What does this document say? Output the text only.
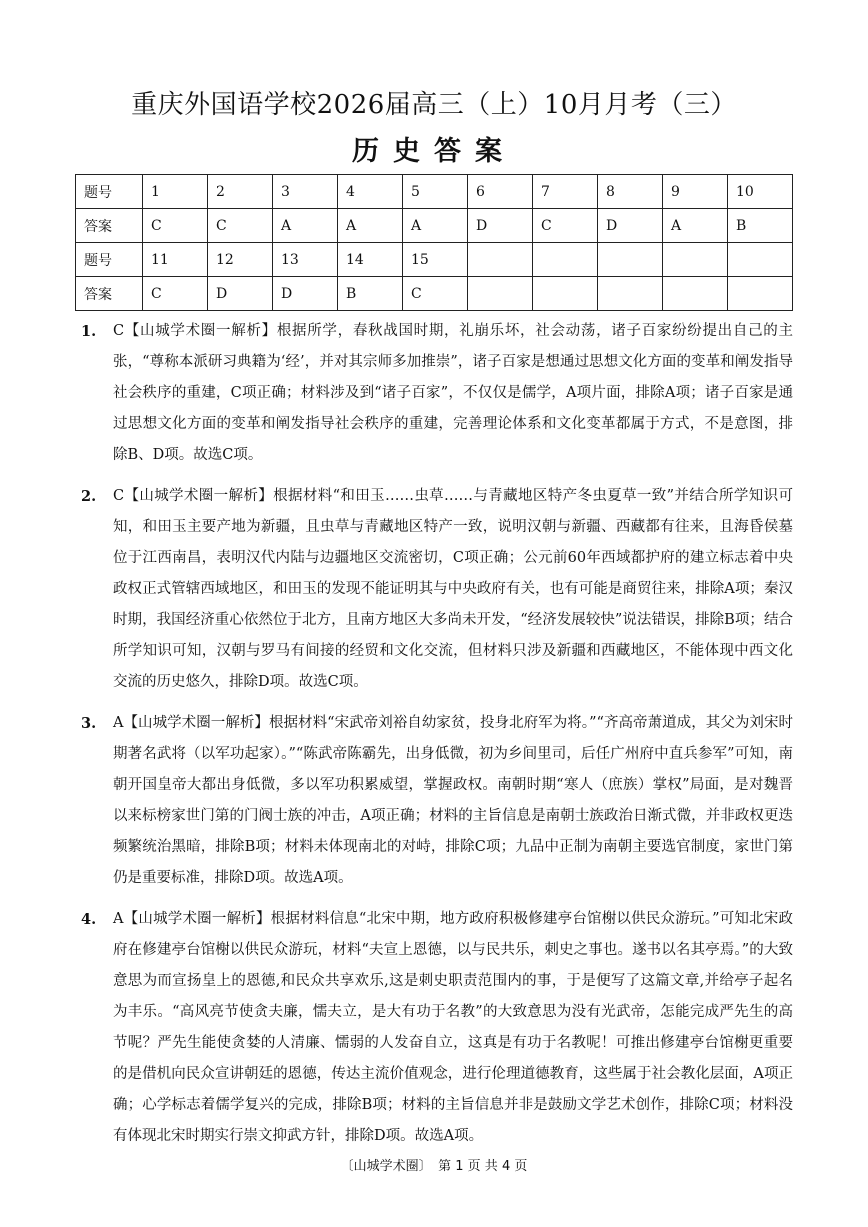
重庆外国语学校2026届高三（上）10月月考（三）
历史答案
题号	1	2	3	4	5	6	7	8	9	10
答案	C	C	A	A	A	D	C	D	A	B
题号	11	12	13	14	15					
答案	C	D	D	B	C					
1. C【山城学术圈一解析】根据所学，春秋战国时期，礼崩乐坏，社会动荡，诸子百家纷纷提出自己的主张，“尊称本派研习典籍为‘经’，并对其宗师多加推崇”，诸子百家是想通过思想文化方面的变革和阐发指导社会秩序的重建，C项正确；材料涉及到“诸子百家”，不仅仅是儒学，A项片面，排除A项；诸子百家是通过思想文化方面的变革和阐发指导社会秩序的重建，完善理论体系和文化变革都属于方式，不是意图，排除B、D项。故选C项。
2. C【山城学术圈一解析】根据材料“和田玉……虫草……与青藏地区特产冬虫夏草一致”并结合所学知识可知，和田玉主要产地为新疆，且虫草与青藏地区特产一致，说明汉朝与新疆、西藏都有往来，且海昏侯墓位于江西南昌，表明汉代内陆与边疆地区交流密切，C项正确；公元前60年西域都护府的建立标志着中央政权正式管辖西域地区，和田玉的发现不能证明其与中央政府有关，也有可能是商贸往来，排除A项；秦汉时期，我国经济重心依然位于北方，且南方地区大多尚未开发，“经济发展较快”说法错误，排除B项；结合所学知识可知，汉朝与罗马有间接的经贸和文化交流，但材料只涉及新疆和西藏地区，不能体现中西文化交流的历史悠久，排除D项。故选C项。
3. A【山城学术圈一解析】根据材料“宋武帝刘裕自幼家贫，投身北府军为将。”“齐高帝萧道成，其父为刘宋时期著名武将（以军功起家）。”“陈武帝陈霸先，出身低微，初为乡间里司，后任广州府中直兵参军”可知，南朝开国皇帝大都出身低微，多以军功积累威望，掌握政权。南朝时期“寒人（庶族）掌权”局面，是对魏晋以来标榜家世门第的门阀士族的冲击，A项正确；材料的主旨信息是南朝士族政治日渐式微，并非政权更迭频繁统治黑暗，排除B项；材料未体现南北的对峙，排除C项；九品中正制为南朝主要选官制度，家世门第仍是重要标准，排除D项。故选A项。
4. A【山城学术圈一解析】根据材料信息“北宋中期，地方政府积极修建亭台馆榭以供民众游玩。”可知北宋政府在修建亭台馆榭以供民众游玩，材料“夫宣上恩德，以与民共乐，刺史之事也。遂书以名其亭焉。”的大致意思为而宣扬皇上的恩德,和民众共享欢乐,这是刺史职责范围内的事，于是便写了这篇文章,并给亭子起名为丰乐。“高风亮节使贪夫廉，懦夫立，是大有功于名教”的大致意思为没有光武帝，怎能完成严先生的高节呢？严先生能使贪婪的人清廉、懦弱的人发奋自立，这真是有功于名教呢！可推出修建亭台馆榭更重要的是借机向民众宣讲朝廷的恩德，传达主流价值观念，进行伦理道德教育，这些属于社会教化层面，A项正确；心学标志着儒学复兴的完成，排除B项；材料的主旨信息并非是鼓励文学艺术创作，排除C项；材料没有体现北宋时期实行崇文抑武方针，排除D项。故选A项。
〔山城学术圈〕　第 1 页 共 4 页
